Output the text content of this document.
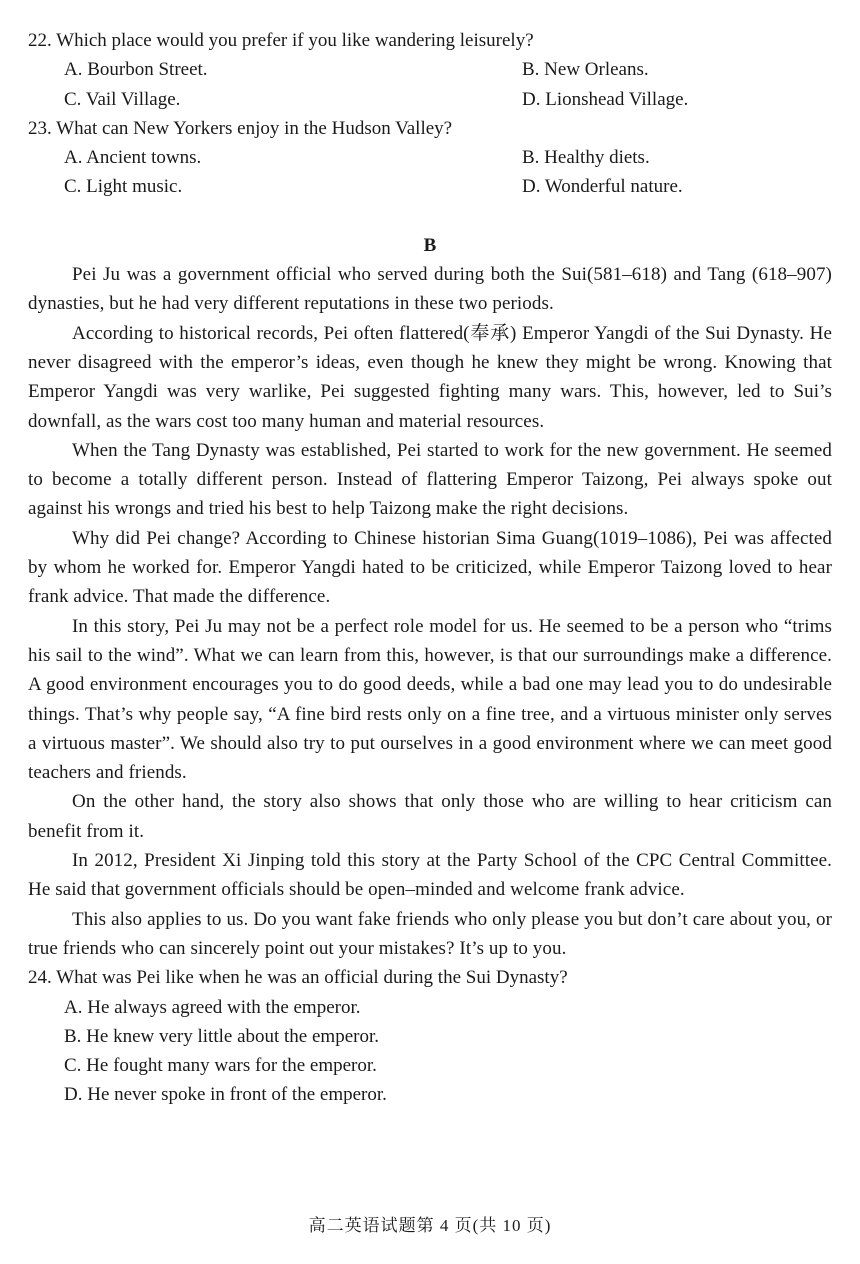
22. Which place would you prefer if you like wandering leisurely?
A. Bourbon Street.	B. New Orleans.
C. Vail Village.	D. Lionshead Village.
23. What can New Yorkers enjoy in the Hudson Valley?
A. Ancient towns.	B. Healthy diets.
C. Light music.	D. Wonderful nature.
B

Pei Ju was a government official who served during both the Sui(581–618) and Tang (618–907) dynasties, but he had very different reputations in these two periods.

According to historical records, Pei often flattered(奉承) Emperor Yangdi of the Sui Dynasty. He never disagreed with the emperor’s ideas, even though he knew they might be wrong. Knowing that Emperor Yangdi was very warlike, Pei suggested fighting many wars. This, however, led to Sui’s downfall, as the wars cost too many human and material resources.

When the Tang Dynasty was established, Pei started to work for the new government. He seemed to become a totally different person. Instead of flattering Emperor Taizong, Pei always spoke out against his wrongs and tried his best to help Taizong make the right decisions.

Why did Pei change? According to Chinese historian Sima Guang(1019–1086), Pei was affected by whom he worked for. Emperor Yangdi hated to be criticized, while Emperor Taizong loved to hear frank advice. That made the difference.

In this story, Pei Ju may not be a perfect role model for us. He seemed to be a person who “trims his sail to the wind”. What we can learn from this, however, is that our surroundings make a difference. A good environment encourages you to do good deeds, while a bad one may lead you to do undesirable things. That’s why people say, “A fine bird rests only on a fine tree, and a virtuous minister only serves a virtuous master”. We should also try to put ourselves in a good environment where we can meet good teachers and friends.

On the other hand, the story also shows that only those who are willing to hear criticism can benefit from it.

In 2012, President Xi Jinping told this story at the Party School of the CPC Central Committee. He said that government officials should be open–minded and welcome frank advice.

This also applies to us. Do you want fake friends who only please you but don’t care about you, or true friends who can sincerely point out your mistakes? It’s up to you.

24. What was Pei like when he was an official during the Sui Dynasty?
A. He always agreed with the emperor.
B. He knew very little about the emperor.
C. He fought many wars for the emperor.
D. He never spoke in front of the emperor.
高二英语试题第 4 页(共 10 页)
